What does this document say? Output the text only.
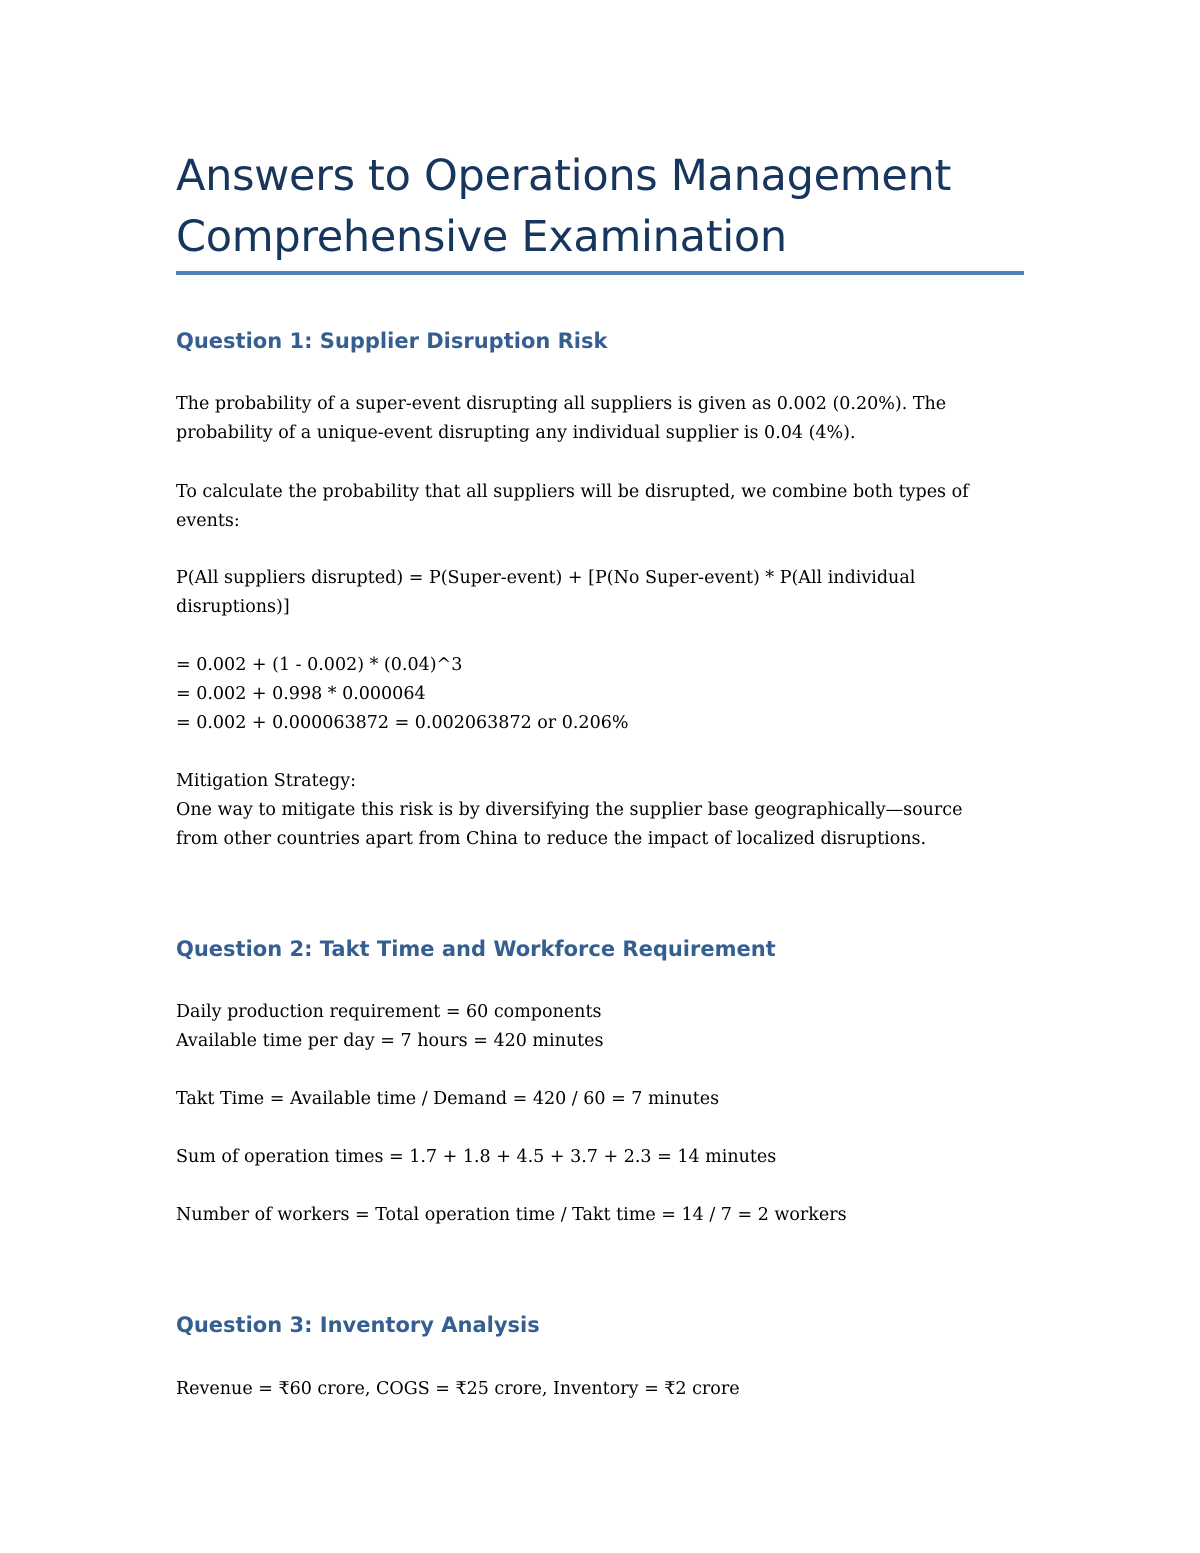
Answers to Operations Management
Comprehensive Examination
Question 1: Supplier Disruption Risk

The probability of a super-event disrupting all suppliers is given as 0.002 (0.20%). The
probability of a unique-event disrupting any individual supplier is 0.04 (4%).

To calculate the probability that all suppliers will be disrupted, we combine both types of
events:

P(All suppliers disrupted) = P(Super-event) + [P(No Super-event) * P(All individual
disruptions)]

= 0.002 + (1 - 0.002) * (0.04)^3
= 0.002 + 0.998 * 0.000064
= 0.002 + 0.000063872 = 0.002063872 or 0.206%

Mitigation Strategy:
One way to mitigate this risk is by diversifying the supplier base geographically—source
from other countries apart from China to reduce the impact of localized disruptions.

Question 2: Takt Time and Workforce Requirement

Daily production requirement = 60 components
Available time per day = 7 hours = 420 minutes

Takt Time = Available time / Demand = 420 / 60 = 7 minutes

Sum of operation times = 1.7 + 1.8 + 4.5 + 3.7 + 2.3 = 14 minutes

Number of workers = Total operation time / Takt time = 14 / 7 = 2 workers

Question 3: Inventory Analysis

Revenue = ₹60 crore, COGS = ₹25 crore, Inventory = ₹2 crore
